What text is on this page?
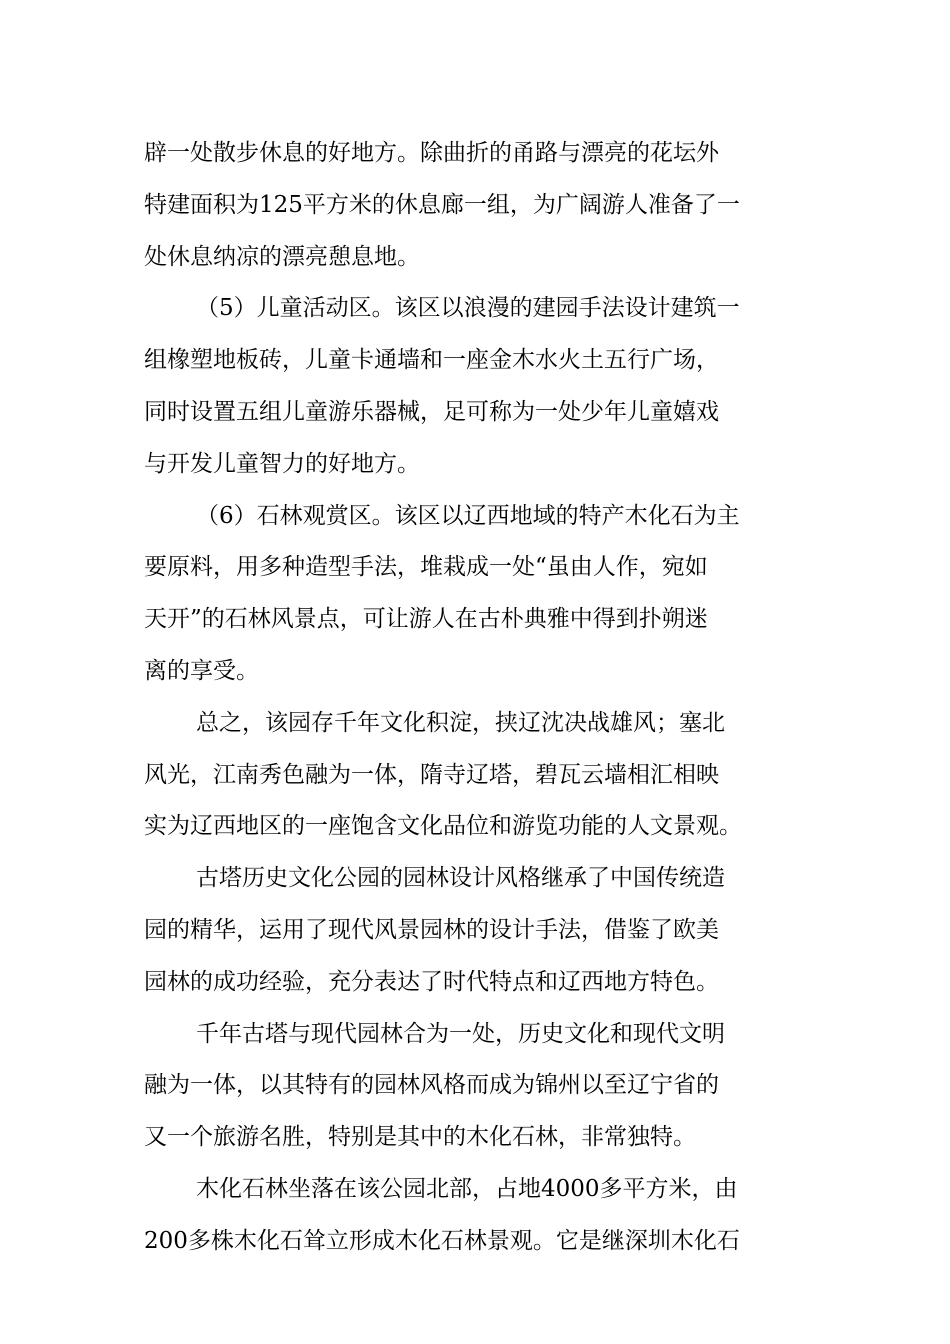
辟一处散步休息的好地方。除曲折的甬路与漂亮的花坛外
特建面积为125平方米的休息廊一组，为广阔游人准备了一
处休息纳凉的漂亮憩息地。

（5）儿童活动区。该区以浪漫的建园手法设计建筑一
组橡塑地板砖，儿童卡通墙和一座金木水火土五行广场，
同时设置五组儿童游乐器械，足可称为一处少年儿童嬉戏
与开发儿童智力的好地方。

（6）石林观赏区。该区以辽西地域的特产木化石为主
要原料，用多种造型手法，堆栽成一处“虽由人作，宛如
天开”的石林风景点，可让游人在古朴典雅中得到扑朔迷
离的享受。

总之，该园存千年文化积淀，挟辽沈决战雄风；塞北
风光，江南秀色融为一体，隋寺辽塔，碧瓦云墙相汇相映
实为辽西地区的一座饱含文化品位和游览功能的人文景观。

古塔历史文化公园的园林设计风格继承了中国传统造
园的精华，运用了现代风景园林的设计手法，借鉴了欧美
园林的成功经验，充分表达了时代特点和辽西地方特色。

千年古塔与现代园林合为一处，历史文化和现代文明
融为一体，以其特有的园林风格而成为锦州以至辽宁省的
又一个旅游名胜，特别是其中的木化石林，非常独特。

木化石林坐落在该公园北部，占地4000多平方米，由
200多株木化石耸立形成木化石林景观。它是继深圳木化石
